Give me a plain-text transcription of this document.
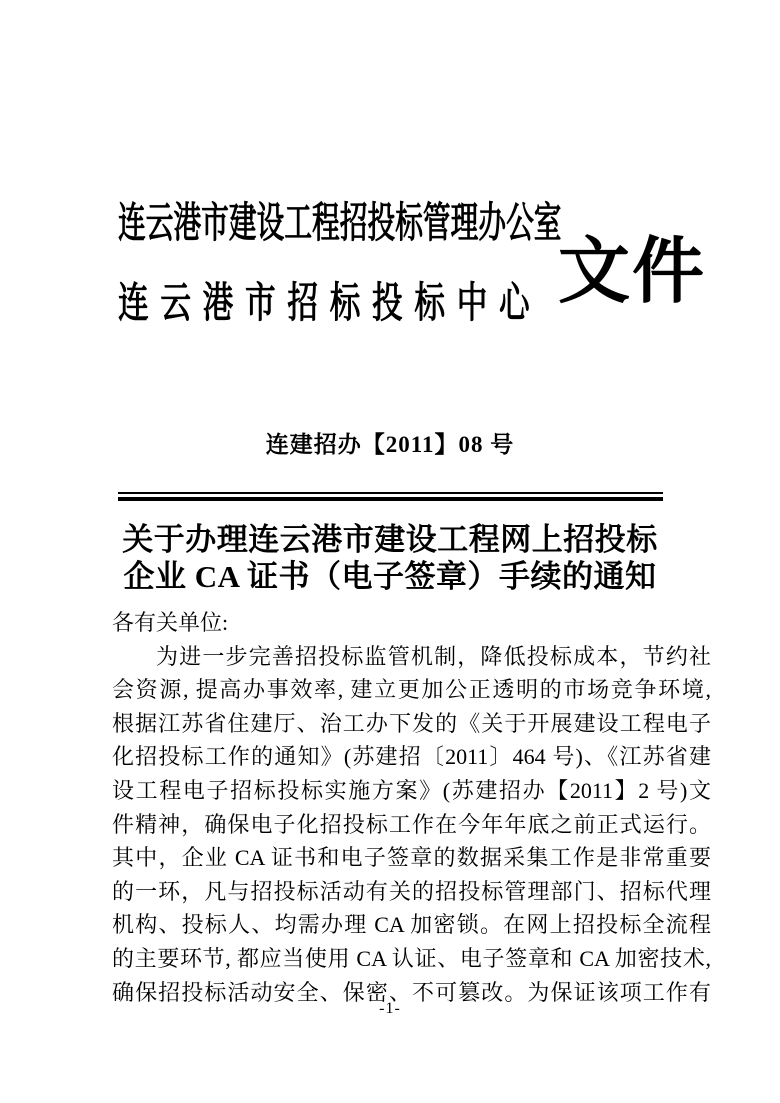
连云港市建设工程招投标管理办公室
连云港市招标投标中心 文件
连建招办【2011】08 号
关于办理连云港市建设工程网上招投标
企业 CA 证书（电子签章）手续的通知
各有关单位:
为进一步完善招投标监管机制，降低投标成本，节约社
会资源, 提高办事效率, 建立更加公正透明的市场竞争环境,
根据江苏省住建厅、治工办下发的《关于开展建设工程电子
化招投标工作的通知》(苏建招〔2011〕464 号)、《江苏省建
设工程电子招标投标实施方案》(苏建招办【2011】2 号)文
件精神，确保电子化招投标工作在今年年底之前正式运行。
其中，企业 CA 证书和电子签章的数据采集工作是非常重要
的一环，凡与招投标活动有关的招投标管理部门、招标代理
机构、投标人、均需办理 CA 加密锁。在网上招投标全流程
的主要环节, 都应当使用 CA 认证、电子签章和 CA 加密技术,
确保招投标活动安全、保密、不可篡改。为保证该项工作有
-1-
